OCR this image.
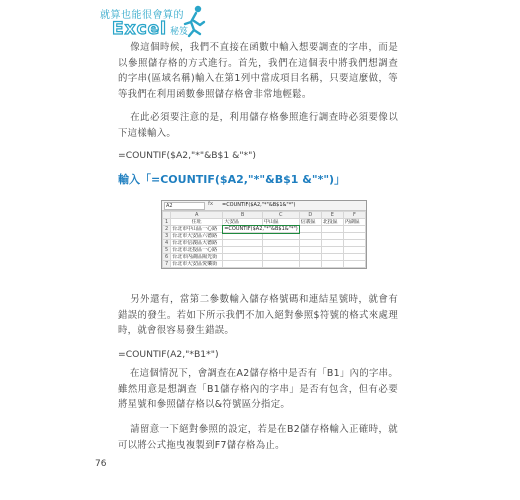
就算也能很會算的
Excel 秘笈

像這個時候，我們不直接在函數中輸入想要調查的字串，而是以參照儲存格的方式進行。首先，我們在這個表中將我們想調查的字串(區域名稱)輸入在第1列中當成項目名稱，只要這麼做，等等我們在利用函數參照儲存格會非常地輕鬆。

在此必須要注意的是，利用儲存格參照進行調查時必須要像以下這樣輸入。

=COUNTIF($A2,"*"&B$1 &"*")
輸入「=COUNTIF($A2,"*"&B$1 &"*")」
A2	fx =COUNTIF($A2,"*"&B$1&"*")
	A	B	C	D	E	F
1	住址	大安區	中山區	信義區	北投區	內湖區
2	台北市中山區一心路	=COUNTIF($A2,"*"&B$1&"*")				
3	台北市大安區六德路					
4	台北市信義區大德路					
5	台北市北投區一心路					
6	台北市內湖區陽光街					
7	台北市大安區愛樂街					

另外還有，當第二參數輸入儲存格號碼和連結星號時，就會有錯誤的發生。若如下所示我們不加入絕對參照$符號的格式來處理時，就會很容易發生錯誤。

=COUNTIF(A2,"*B1*")

在這個情況下，會調查在A2儲存格中是否有「B1」內的字串。雖然用意是想調查「B1儲存格內的字串」是否有包含，但有必要將星號和參照儲存格以&符號區分指定。

請留意一下絕對參照的設定，若是在B2儲存格輸入正確時，就可以將公式拖曳複製到F7儲存格為止。

76
